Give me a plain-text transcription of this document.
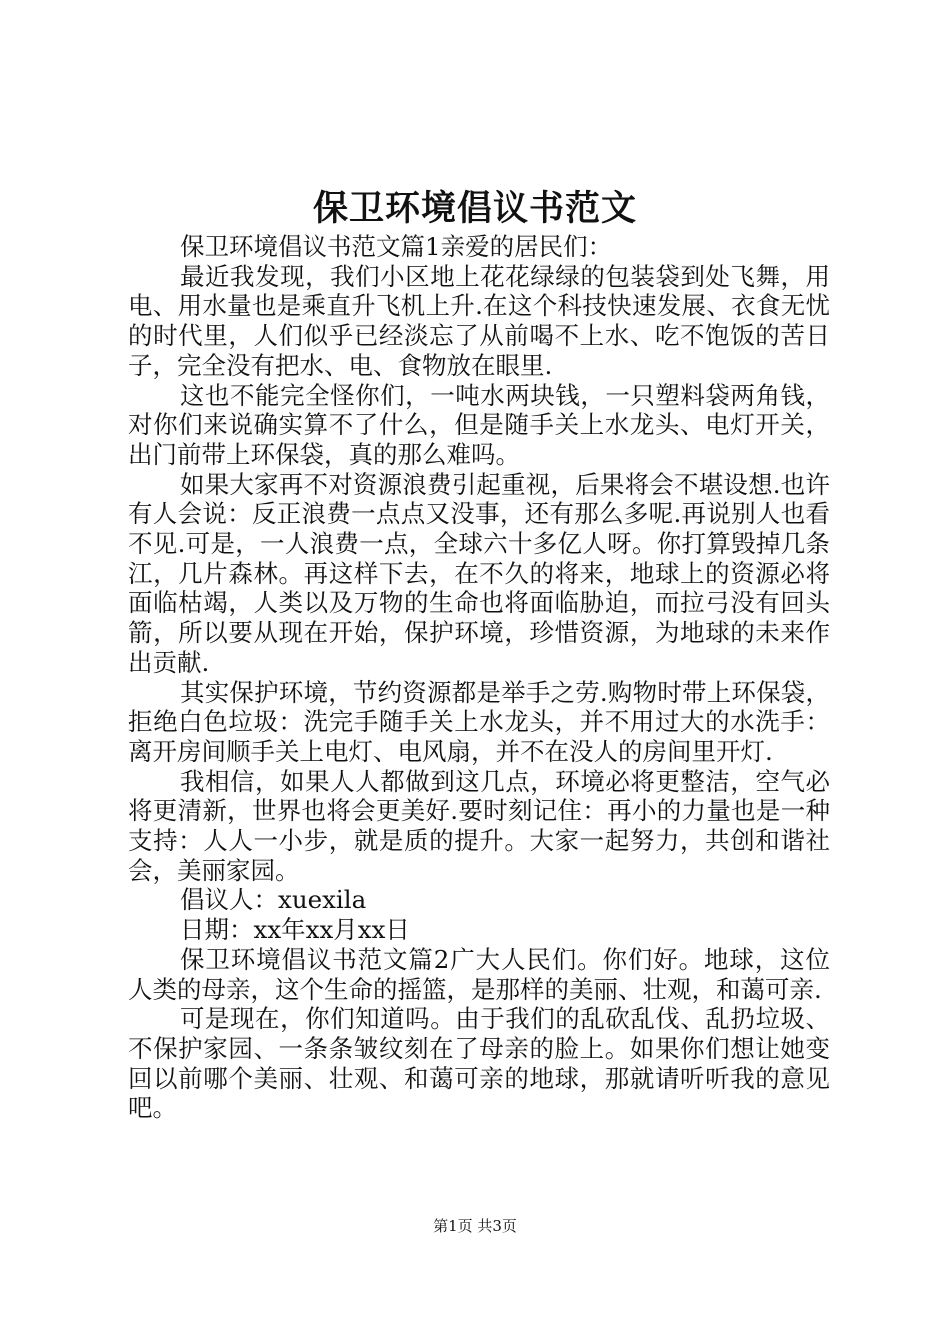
保卫环境倡议书范文

保卫环境倡议书范文篇1亲爱的居民们：

最近我发现，我们小区地上花花绿绿的包装袋到处飞舞，用电、用水量也是乘直升飞机上升.在这个科技快速发展、衣食无忧的时代里，人们似乎已经淡忘了从前喝不上水、吃不饱饭的苦日子，完全没有把水、电、食物放在眼里.

这也不能完全怪你们，一吨水两块钱，一只塑料袋两角钱，对你们来说确实算不了什么，但是随手关上水龙头、电灯开关，出门前带上环保袋，真的那么难吗。

如果大家再不对资源浪费引起重视，后果将会不堪设想.也许有人会说：反正浪费一点点又没事，还有那么多呢.再说别人也看不见.可是，一人浪费一点，全球六十多亿人呀。你打算毁掉几条江，几片森林。再这样下去，在不久的将来，地球上的资源必将面临枯竭，人类以及万物的生命也将面临胁迫，而拉弓没有回头箭，所以要从现在开始，保护环境，珍惜资源，为地球的未来作出贡献.

其实保护环境，节约资源都是举手之劳.购物时带上环保袋，拒绝白色垃圾：洗完手随手关上水龙头，并不用过大的水洗手：离开房间顺手关上电灯、电风扇，并不在没人的房间里开灯.

我相信，如果人人都做到这几点，环境必将更整洁，空气必将更清新，世界也将会更美好.要时刻记住：再小的力量也是一种支持：人人一小步，就是质的提升。大家一起努力，共创和谐社会，美丽家园。

倡议人：xuexila

日期：xx年xx月xx日

保卫环境倡议书范文篇2广大人民们。你们好。地球，这位人类的母亲，这个生命的摇篮，是那样的美丽、壮观，和蔼可亲.

可是现在，你们知道吗。由于我们的乱砍乱伐、乱扔垃圾、不保护家园、一条条皱纹刻在了母亲的脸上。如果你们想让她变回以前哪个美丽、壮观、和蔼可亲的地球，那就请听听我的意见吧。

第1页 共3页
